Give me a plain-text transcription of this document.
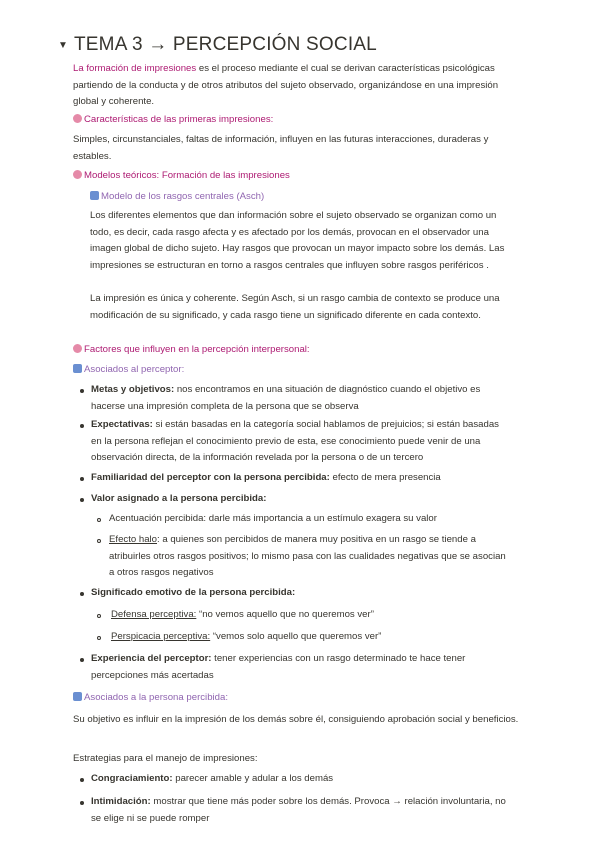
▼ TEMA 3 → PERCEPCIÓN SOCIAL

La formación de impresiones es el proceso mediante el cual se derivan características psicológicas partiendo de la conducta y de otros atributos del sujeto observado, organizándose en una impresión global y coherente.

Características de las primeras impresiones:

Simples, circunstanciales, faltas de información, influyen en las futuras interacciones, duraderas y estables.

Modelos teóricos: Formación de las impresiones

Modelo de los rasgos centrales (Asch)

Los diferentes elementos que dan información sobre el sujeto observado se organizan como un todo, es decir, cada rasgo afecta y es afectado por los demás, provocan en el observador una imagen global de dicho sujeto. Hay rasgos que provocan un mayor impacto sobre los demás. Las impresiones se estructuran en torno a rasgos centrales que influyen sobre rasgos periféricos .

La impresión es única y coherente. Según Asch, si un rasgo cambia de contexto se produce una modificación de su significado, y cada rasgo tiene un significado diferente en cada contexto.

Factores que influyen en la percepción interpersonal:

Asociados al perceptor:

Metas y objetivos: nos encontramos en una situación de diagnóstico cuando el objetivo es hacerse una impresión completa de la persona que se observa

Expectativas: si están basadas en la categoría social hablamos de prejuicios; si están basadas en la persona reflejan el conocimiento previo de esta, ese conocimiento puede venir de una observación directa, de la información revelada por la persona o de un tercero

Familiaridad del perceptor con la persona percibida: efecto de mera presencia

Valor asignado a la persona percibida:

Acentuación percibida: darle más importancia a un estímulo exagera su valor

Efecto halo: a quienes son percibidos de manera muy positiva en un rasgo se tiende a atribuirles otros rasgos positivos; lo mismo pasa con las cualidades negativas que se asocian a otros rasgos negativos

Significado emotivo de la persona percibida:

Defensa perceptiva: “no vemos aquello que no queremos ver”

Perspicacia perceptiva: “vemos solo aquello que queremos ver”

Experiencia del perceptor: tener experiencias con un rasgo determinado te hace tener percepciones más acertadas

Asociados a la persona percibida:

Su objetivo es influir en la impresión de los demás sobre él, consiguiendo aprobación social y beneficios.

Estrategias para el manejo de impresiones:

Congraciamiento: parecer amable y adular a los demás

Intimidación: mostrar que tiene más poder sobre los demás. Provoca → relación involuntaria, no se elige ni se puede romper
